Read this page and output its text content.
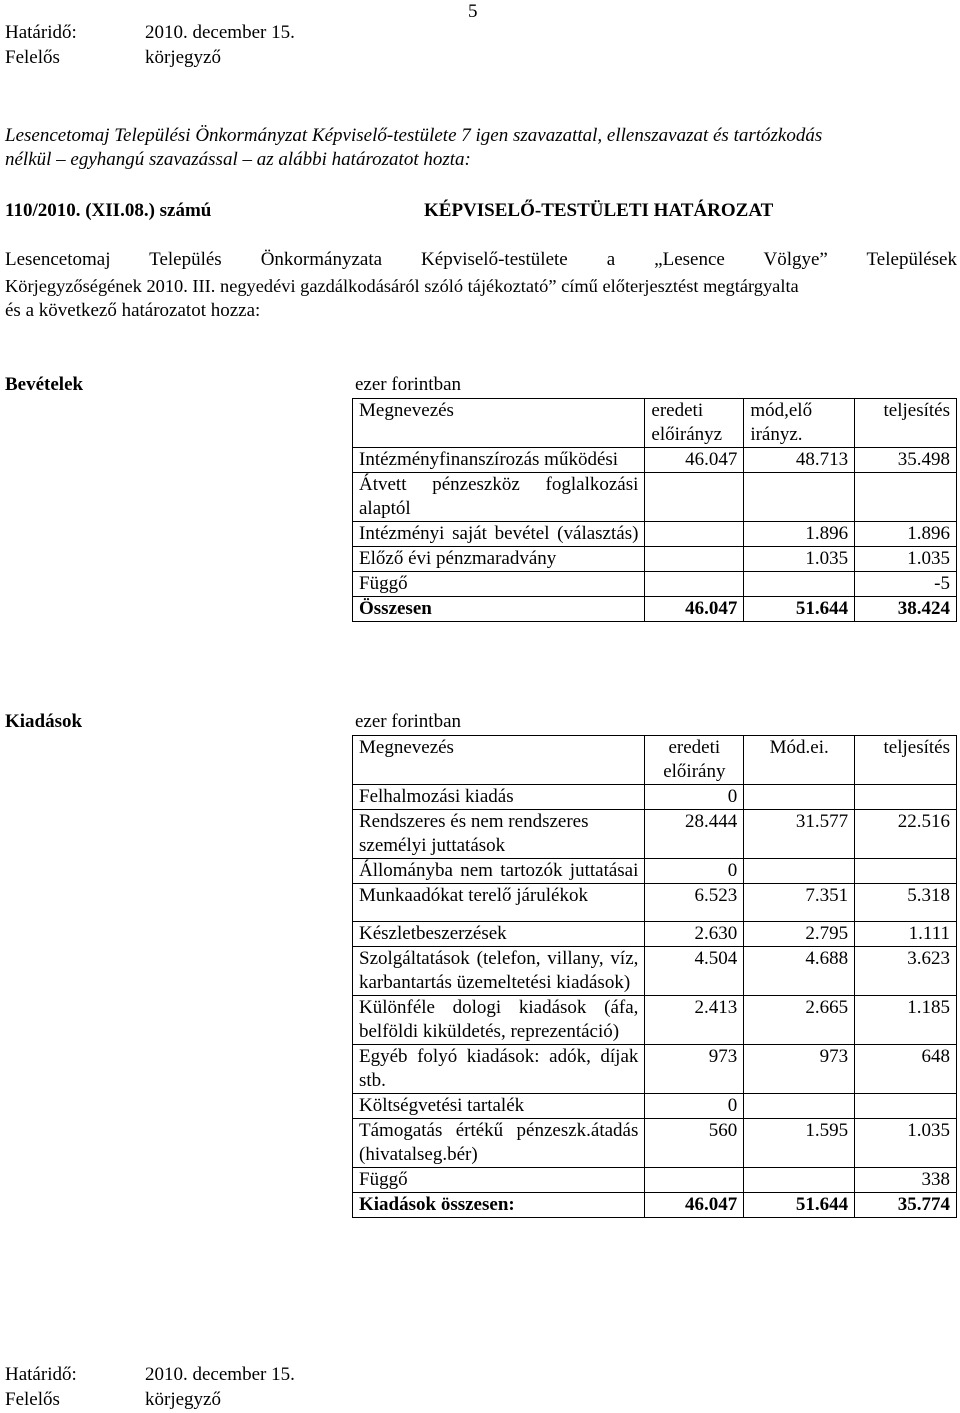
5
Határidő:	2010. december 15.
Felelős	körjegyző
Lesencetomaj Települési Önkormányzat Képviselő-testülete 7 igen szavazattal, ellenszavazat és tartózkodás
nélkül – egyhangú szavazással – az alábbi határozatot hozta:
110/2010. (XII.08.) számú	KÉPVISELŐ-TESTÜLETI HATÁROZAT
Lesencetomaj Település Önkormányzata Képviselő-testülete a „Lesence Völgye” Települések
Körjegyzőségének 2010. III. negyedévi gazdálkodásáról szóló tájékoztató” című előterjesztést megtárgyalta
és a következő határozatot hozza:
Bevételek	ezer forintban
Megnevezés	eredeti előirányz	mód,elő irányz.	teljesítés
Intézményfinanszírozás működési	46.047	48.713	35.498

Átvett pénzeszköz foglalkozási alaptól			

Intézményi saját bevétel (választás)		1.896	1.896
Előző évi pénzmaradvány		1.035	1.035
Függő			-5
Összesen	46.047	51.644	38.424
Kiadások	ezer forintban
Megnevezés	eredeti előirány	Mód.ei.	teljesítés
Felhalmozási kiadás	0		
Rendszeres és nem rendszeres személyi juttatások	28.444	31.577	22.516

Állományba nem tartozók juttatásai	0		
Munkaadókat terelő járulékok	6.523	7.351	5.318
Készletbeszerzések	2.630	2.795	1.111
Szolgáltatások (telefon, villany, víz, karbantartás üzemeltetési kiadások)	4.504	4.688	3.623
Különféle dologi kiadások (áfa, belföldi kiküldetés, reprezentáció)	2.413	2.665	1.185
Egyéb folyó kiadások: adók, díjak stb.	973	973	648
Költségvetési tartalék	0		
Támogatás értékű pénzeszk.átadás (hivatalseg.bér)	560	1.595	1.035
Függő			338
Kiadások összesen:	46.047	51.644	35.774
Határidő:	2010. december 15.
Felelős	körjegyző
